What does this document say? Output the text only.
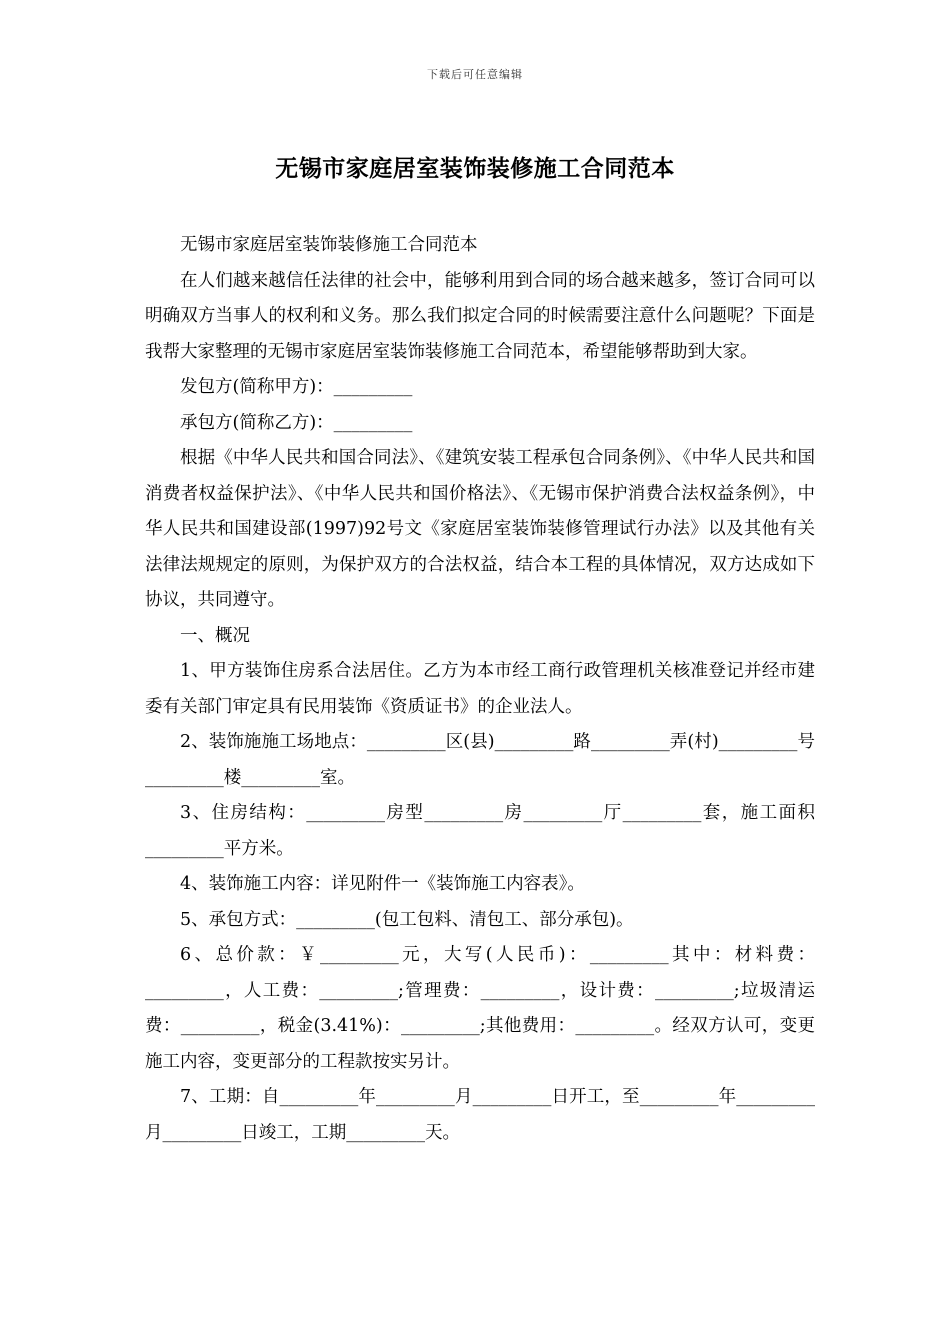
下载后可任意编辑
无锡市家庭居室装饰装修施工合同范本

无锡市家庭居室装饰装修施工合同范本

在人们越来越信任法律的社会中，能够利用到合同的场合越来越多，签订合同可以明确双方当事人的权利和义务。那么我们拟定合同的时候需要注意什么问题呢？下面是我帮大家整理的无锡市家庭居室装饰装修施工合同范本，希望能够帮助到大家。

发包方(简称甲方)：_________

承包方(简称乙方)：_________

根据《中华人民共和国合同法》、《建筑安装工程承包合同条例》、《中华人民共和国消费者权益保护法》、《中华人民共和国价格法》、《无锡市保护消费合法权益条例》，中华人民共和国建设部(1997)92号文《家庭居室装饰装修管理试行办法》以及其他有关法律法规规定的原则，为保护双方的合法权益，结合本工程的具体情况，双方达成如下协议，共同遵守。

一、概况

1、甲方装饰住房系合法居住。乙方为本市经工商行政管理机关核准登记并经市建委有关部门审定具有民用装饰《资质证书》的企业法人。

2、装饰施施工场地点：_________区(县)_________路_________弄(村)_________号_________楼_________室。

3、住房结构：_________房型_________房_________厅_________套，施工面积_________平方米。

4、装饰施工内容：详见附件一《装饰施工内容表》。

5、承包方式：_________(包工包料、清包工、部分承包)。

6、总价款：￥_________元，大写(人民币)：_________其中：材料费：_________，人工费：_________;管理费：_________，设计费：_________;垃圾清运费：_________，税金(3.41%)：_________;其他费用：_________。经双方认可，变更施工内容，变更部分的工程款按实另计。

7、工期：自_________年_________月_________日开工，至_________年_________月_________日竣工，工期_________天。
